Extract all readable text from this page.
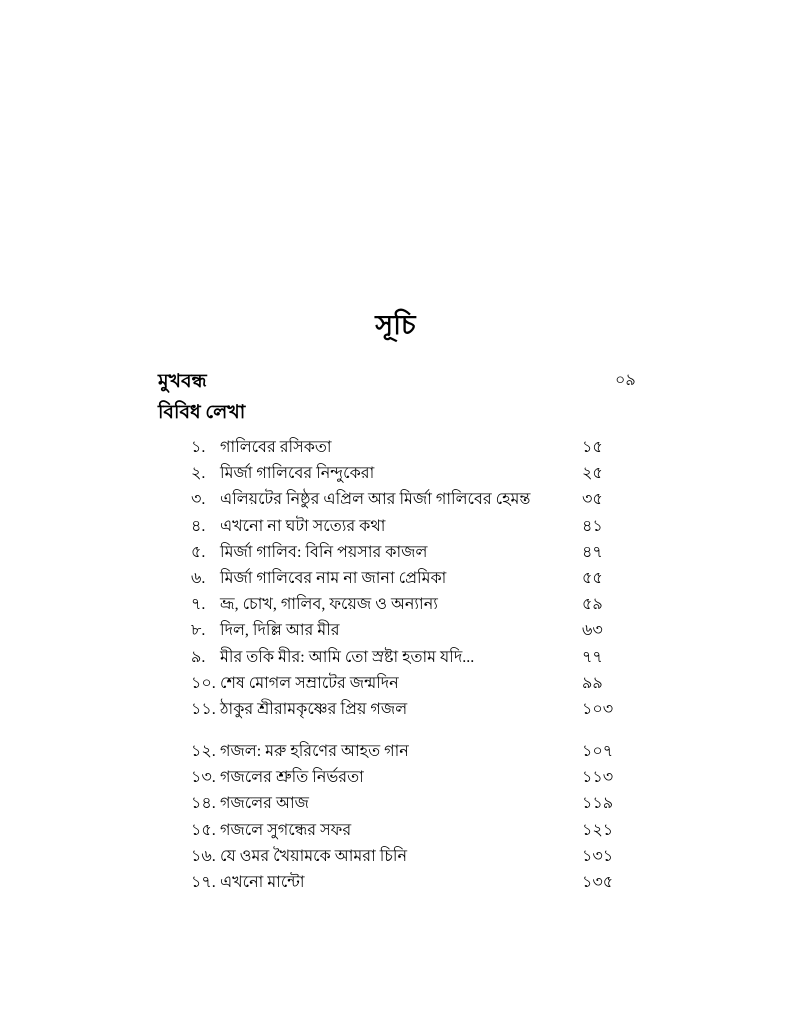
সূচি
মুখবন্ধ	০৯
বিবিধ লেখা
১. গালিবের রসিকতা	১৫
২. মির্জা গালিবের নিন্দুকেরা	২৫
৩. এলিয়টের নিষ্ঠুর এপ্রিল আর মির্জা গালিবের হেমন্ত	৩৫
৪. এখনো না ঘটা সত্যের কথা	৪১
৫. মির্জা গালিব: বিনি পয়সার কাজল	৪৭
৬. মির্জা গালিবের নাম না জানা প্রেমিকা	৫৫
৭. ভ্রূ, চোখ, গালিব, ফয়েজ ও অন্যান্য	৫৯
৮. দিল, দিল্লি আর মীর	৬৩
৯. মীর তকি মীর: আমি তো স্রষ্টা হতাম যদি...	৭৭
১০. শেষ মোগল সম্রাটের জন্মদিন	৯৯
১১. ঠাকুর শ্রীরামকৃষ্ণের প্রিয় গজল	১০৩
১২. গজল: মরু হরিণের আহত গান	১০৭
১৩. গজলের শ্রুতি নির্ভরতা	১১৩
১৪. গজলের আজ	১১৯
১৫. গজলে সুগন্ধের সফর	১২১
১৬. যে ওমর খৈয়ামকে আমরা চিনি	১৩১
১৭. এখনো মান্টো	১৩৫
